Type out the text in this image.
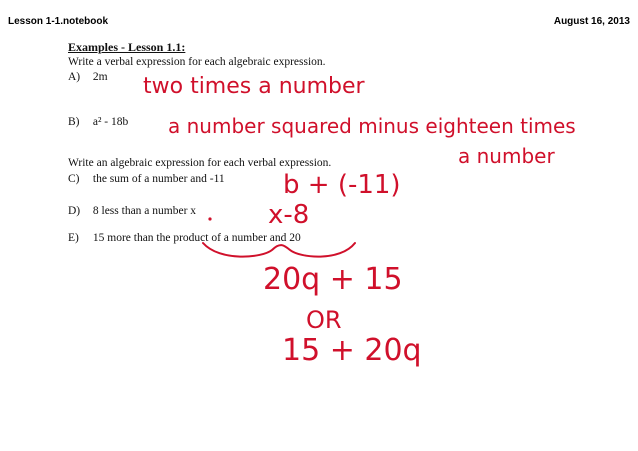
Lesson 1-1.notebook	August 16, 2013
Examples - Lesson 1.1:
Write a verbal expression for each algebraic expression.
A) 2m
B) a² - 18b
Write an algebraic expression for each verbal expression.
C) the sum of a number and -11
D) 8 less than a number x
E) 15 more than the product of a number and 20
two times a number
a number squared minus eighteen times
a number
b + (-11)
x-8
20q + 15
OR
15 + 20q
